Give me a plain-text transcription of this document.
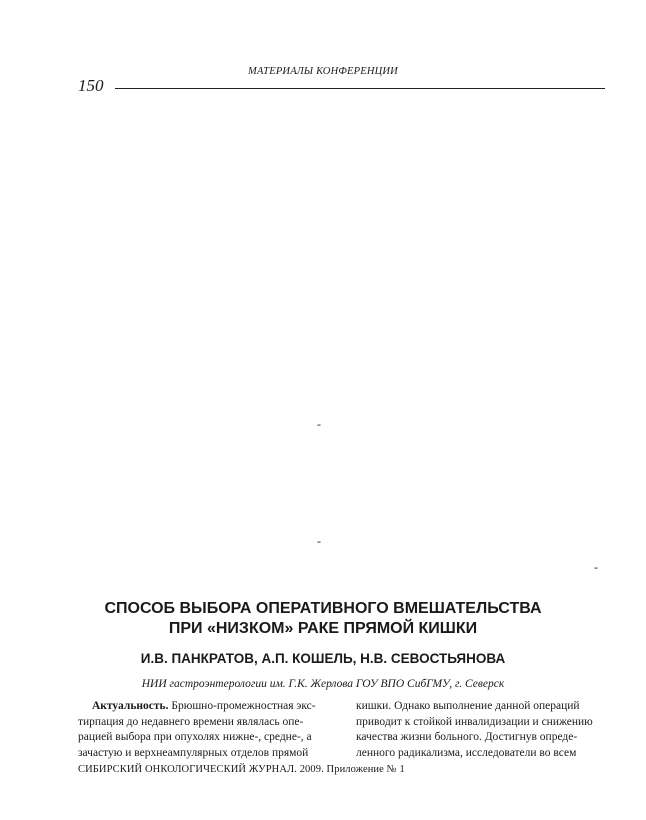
МАТЕРИАЛЫ КОНФЕРЕНЦИИ
150
-
-
-
СПОСОБ ВЫБОРА ОПЕРАТИВНОГО ВМЕШАТЕЛЬСТВА
ПРИ «НИЗКОМ» РАКЕ ПРЯМОЙ КИШКИ
И.В. ПАНКРАТОВ, А.П. КОШЕЛЬ, Н.В. СЕВОСТЬЯНОВА
НИИ гастроэнтерологии им. Г.К. Жерлова ГОУ ВПО СибГМУ, г. Северск
Актуальность. Брюшно-промежностная экс-
тирпация до недавнего времени являлась опе-
рацией выбора при опухолях нижне-, средне-, а
зачастую и верхнеампулярных отделов прямой
кишки. Однако выполнение данной операций
приводит к стойкой инвалидизации и снижению
качества жизни больного. Достигнув опреде-
ленного радикализма, исследователи во всем
СИБИРСКИЙ ОНКОЛОГИЧЕСКИЙ ЖУРНАЛ. 2009. Приложение № 1
